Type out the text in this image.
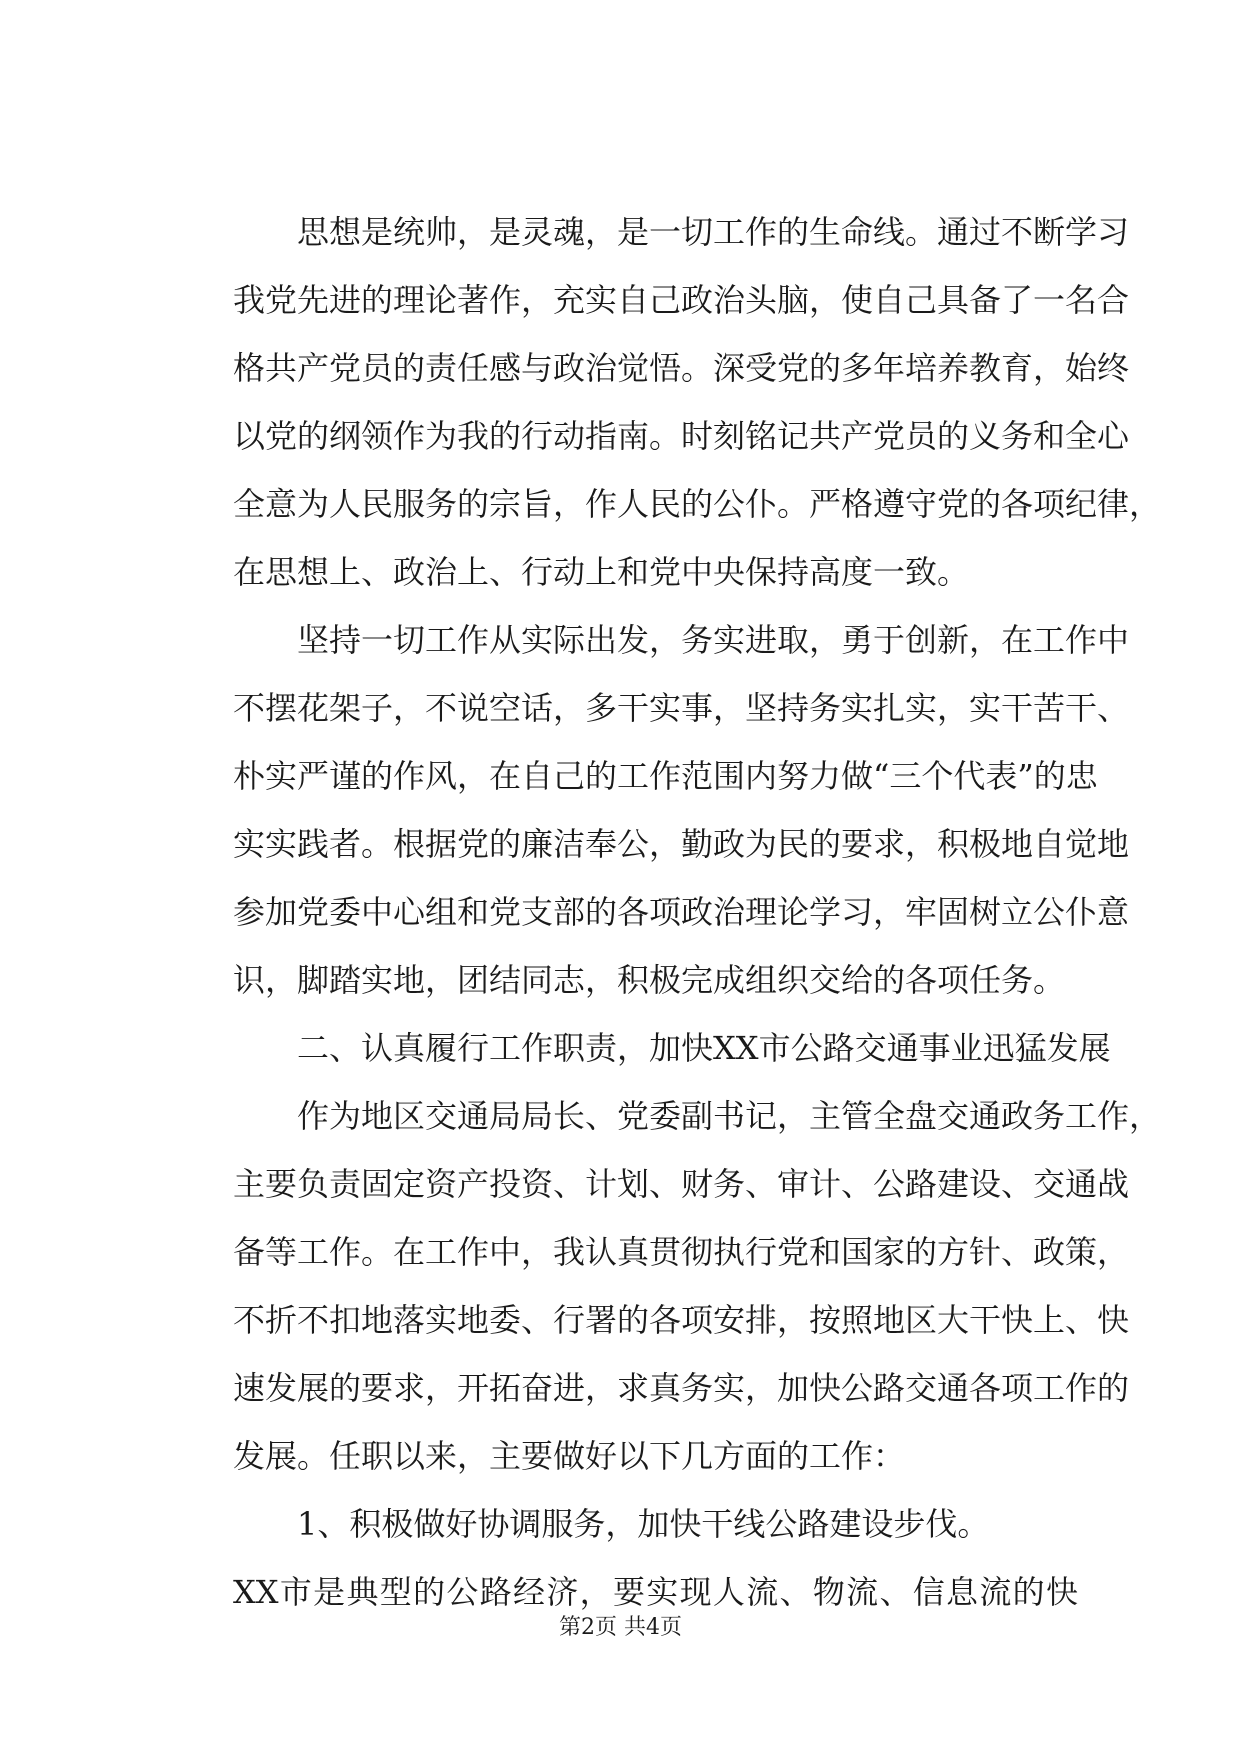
思想是统帅，是灵魂，是一切工作的生命线。通过不断学习
我党先进的理论著作，充实自己政治头脑，使自己具备了一名合
格共产党员的责任感与政治觉悟。深受党的多年培养教育，始终
以党的纲领作为我的行动指南。时刻铭记共产党员的义务和全心
全意为人民服务的宗旨，作人民的公仆。严格遵守党的各项纪律，
在思想上、政治上、行动上和党中央保持高度一致。
坚持一切工作从实际出发，务实进取，勇于创新，在工作中
不摆花架子，不说空话，多干实事，坚持务实扎实，实干苦干、
朴实严谨的作风，在自己的工作范围内努力做“三个代表”的忠
实实践者。根据党的廉洁奉公，勤政为民的要求，积极地自觉地
参加党委中心组和党支部的各项政治理论学习，牢固树立公仆意
识，脚踏实地，团结同志，积极完成组织交给的各项任务。
二、认真履行工作职责，加快XX市公路交通事业迅猛发展
作为地区交通局局长、党委副书记，主管全盘交通政务工作，
主要负责固定资产投资、计划、财务、审计、公路建设、交通战
备等工作。在工作中，我认真贯彻执行党和国家的方针、政策，
不折不扣地落实地委、行署的各项安排，按照地区大干快上、快
速发展的要求，开拓奋进，求真务实，加快公路交通各项工作的
发展。任职以来，主要做好以下几方面的工作：
1、积极做好协调服务，加快干线公路建设步伐。
XX市是典型的公路经济，要实现人流、物流、信息流的快
第2页 共4页
